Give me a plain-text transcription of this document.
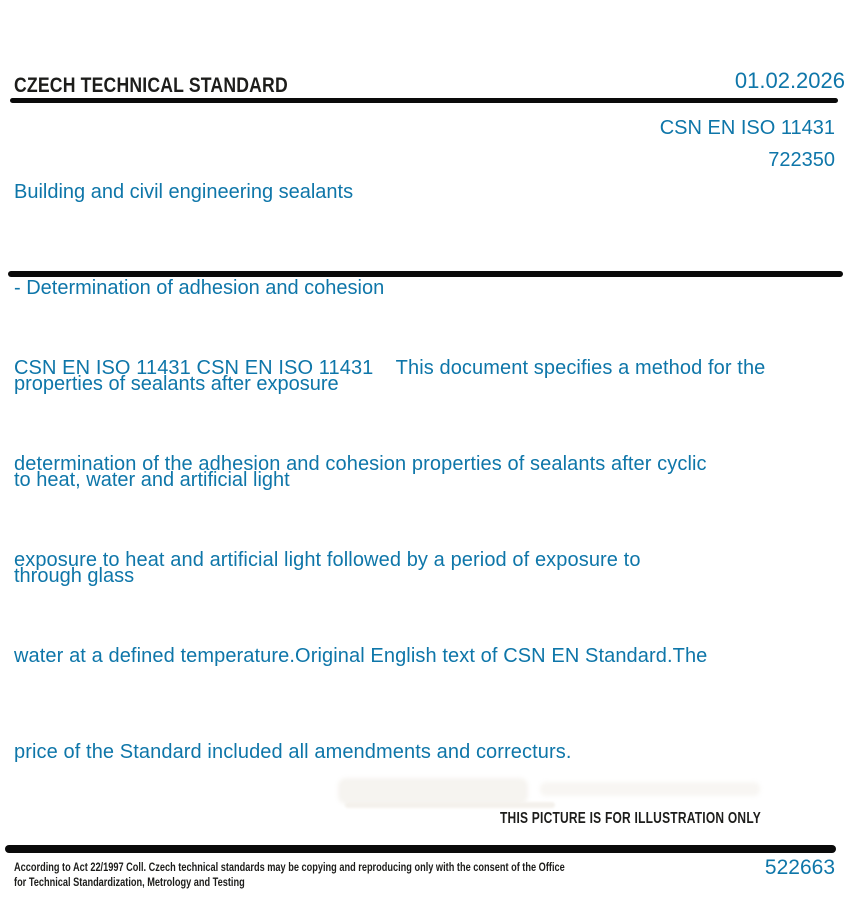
CZECH TECHNICAL STANDARD	01.02.2026

Building and civil engineering sealants

- Determination of adhesion and cohesion

properties of sealants after exposure

to heat, water and artificial light

through glass

CSN EN ISO 11431
722350

CSN EN ISO 11431 CSN EN ISO 11431    This document specifies a method for the

determination of the adhesion and cohesion properties of sealants after cyclic

exposure to heat and artificial light followed by a period of exposure to

water at a defined temperature.Original English text of CSN EN Standard.The

price of the Standard included all amendments and correcturs.

THIS PICTURE IS FOR ILLUSTRATION ONLY
According to Act 22/1997 Coll. Czech technical standards may be copying and reproducing only with the consent of the Office
for Technical Standardization, Metrology and Testing
522663
